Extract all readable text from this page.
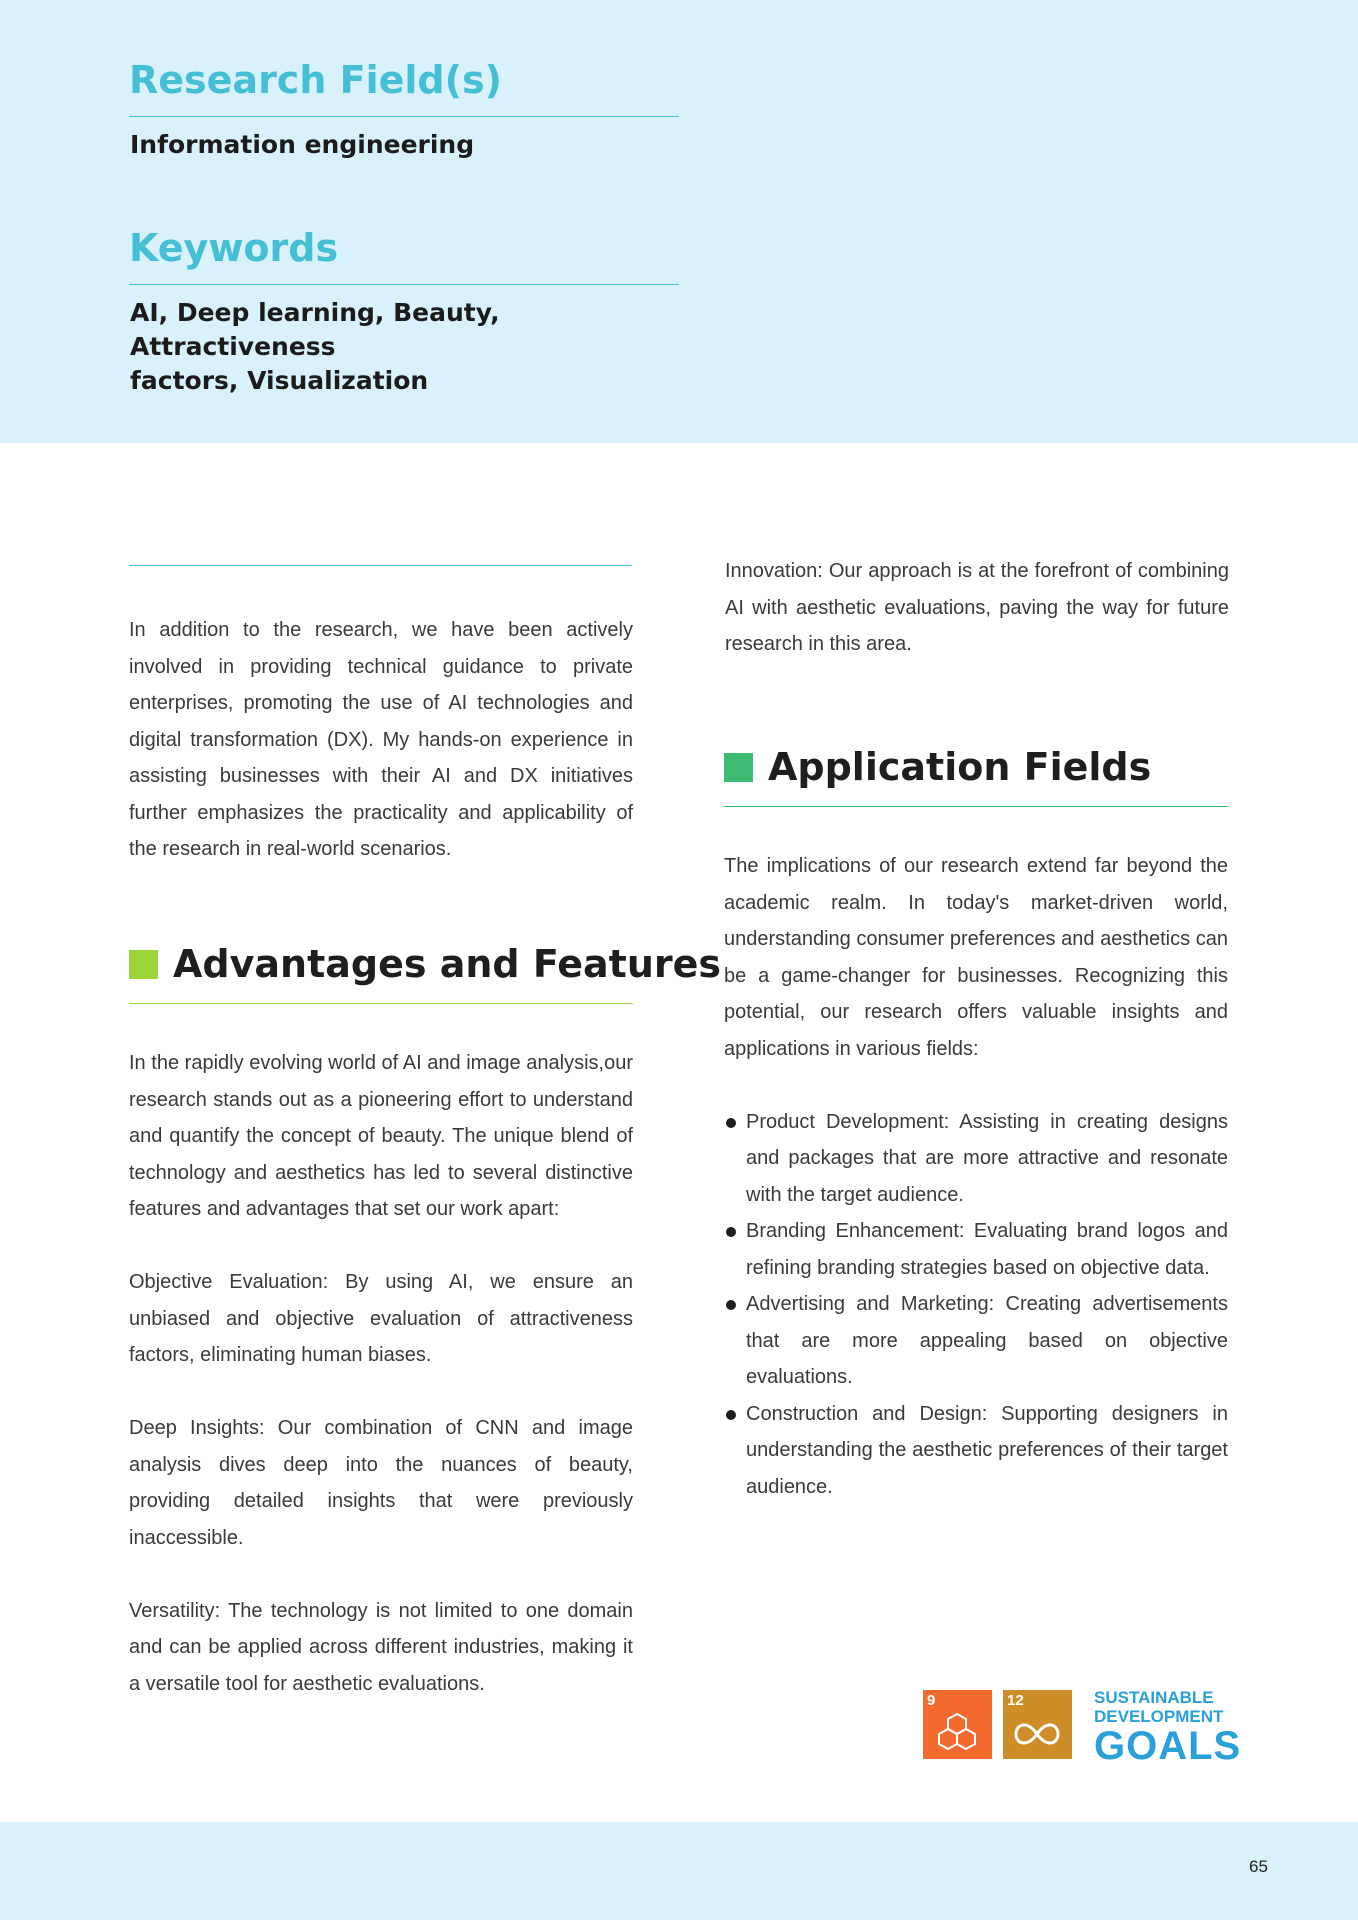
Research Field(s)

Information engineering

Keywords

AI, Deep learning, Beauty, Attractiveness
factors, Visualization

In addition to the research, we have been actively involved in providing technical guidance to private enterprises, promoting the use of AI technologies and digital transformation (DX). My hands-on experience in assisting businesses with their AI and DX initiatives further emphasizes the practicality and applicability of the research in real-world scenarios.

Advantages and Features

In the rapidly evolving world of AI and image analysis,our research stands out as a pioneering effort to understand and quantify the concept of beauty. The unique blend of technology and aesthetics has led to several distinctive features and advantages that set our work apart:

Objective Evaluation: By using AI, we ensure an unbiased and objective evaluation of attractiveness factors, eliminating human biases.

Deep Insights: Our combination of CNN and image analysis dives deep into the nuances of beauty, providing detailed insights that were previously inaccessible.

Versatility: The technology is not limited to one domain and can be applied across different industries, making it a versatile tool for aesthetic evaluations.

Innovation: Our approach is at the forefront of combining AI with aesthetic evaluations, paving the way for future research in this area.

Application Fields

The implications of our research extend far beyond the academic realm. In today's market-driven world, understanding consumer preferences and aesthetics can be a game-changer for businesses. Recognizing this potential, our research offers valuable insights and applications in various fields:

Product Development: Assisting in creating designs and packages that are more attractive and resonate with the target audience.
Branding Enhancement: Evaluating brand logos and refining branding strategies based on objective data.
Advertising and Marketing: Creating advertisements that are more appealing based on objective evaluations.
Construction and Design: Supporting designers in understanding the aesthetic preferences of their target audience.
9	12	SUSTAINABLE
DEVELOPMENT
GOALS
65
